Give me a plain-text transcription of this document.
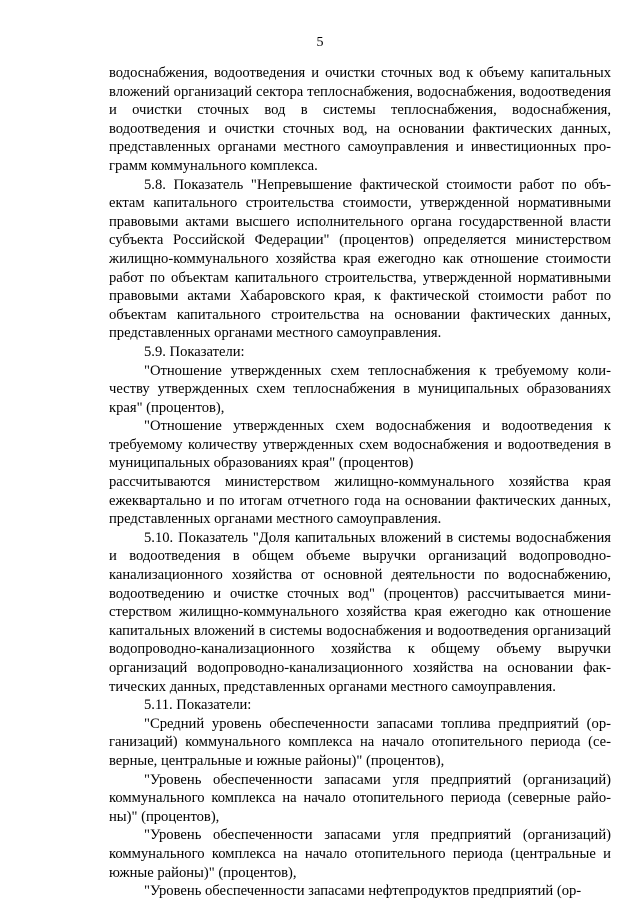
5

водоснабжения, водоотведения и очистки сточных вод к объему капитальных вложений организаций сектора теплоснабжения, водоснабжения, водоотведения и очистки сточных вод в системы теплоснабжения, водоснабжения, водоотведения и очистки сточных вод, на основании фактических данных, представленных органами местного самоуправления и инвестиционных программ коммунального комплекса.

5.8. Показатель "Непревышение фактической стоимости работ по объектам капитального строительства стоимости, утвержденной нормативными правовыми актами высшего исполнительного органа государственной власти субъекта Российской Федерации" (процентов) определяется министерством жилищно-коммунального хозяйства края ежегодно как отношение стоимости работ по объектам капитального строительства, утвержденной нормативными правовыми актами Хабаровского края, к фактической стоимости работ по объектам капитального строительства на основании фактических данных, представленных органами местного самоуправления.

5.9. Показатели:

"Отношение утвержденных схем теплоснабжения к требуемому количеству утвержденных схем теплоснабжения в муниципальных образованиях края" (процентов),

"Отношение утвержденных схем водоснабжения и водоотведения к требуемому количеству утвержденных схем водоснабжения и водоотведения в муниципальных образованиях края" (процентов)

рассчитываются министерством жилищно-коммунального хозяйства края ежеквартально и по итогам отчетного года на основании фактических данных, представленных органами местного самоуправления.

5.10. Показатель "Доля капитальных вложений в системы водоснабжения и водоотведения в общем объеме выручки организаций водопроводно-канализационного хозяйства от основной деятельности по водоснабжению, водоотведению и очистке сточных вод" (процентов) рассчитывается министерством жилищно-коммунального хозяйства края ежегодно как отношение капитальных вложений в системы водоснабжения и водоотведения организаций водопроводно-канализационного хозяйства к общему объему выручки организаций водопроводно-канализационного хозяйства на основании фактических данных, представленных органами местного самоуправления.

5.11. Показатели:

"Средний уровень обеспеченности запасами топлива предприятий (организаций) коммунального комплекса на начало отопительного периода (северные, центральные и южные районы)" (процентов),

"Уровень обеспеченности запасами угля предприятий (организаций) коммунального комплекса на начало отопительного периода (северные районы)" (процентов),

"Уровень обеспеченности запасами угля предприятий (организаций) коммунального комплекса на начало отопительного периода (центральные и южные районы)" (процентов),

"Уровень обеспеченности запасами нефтепродуктов предприятий (ор-
